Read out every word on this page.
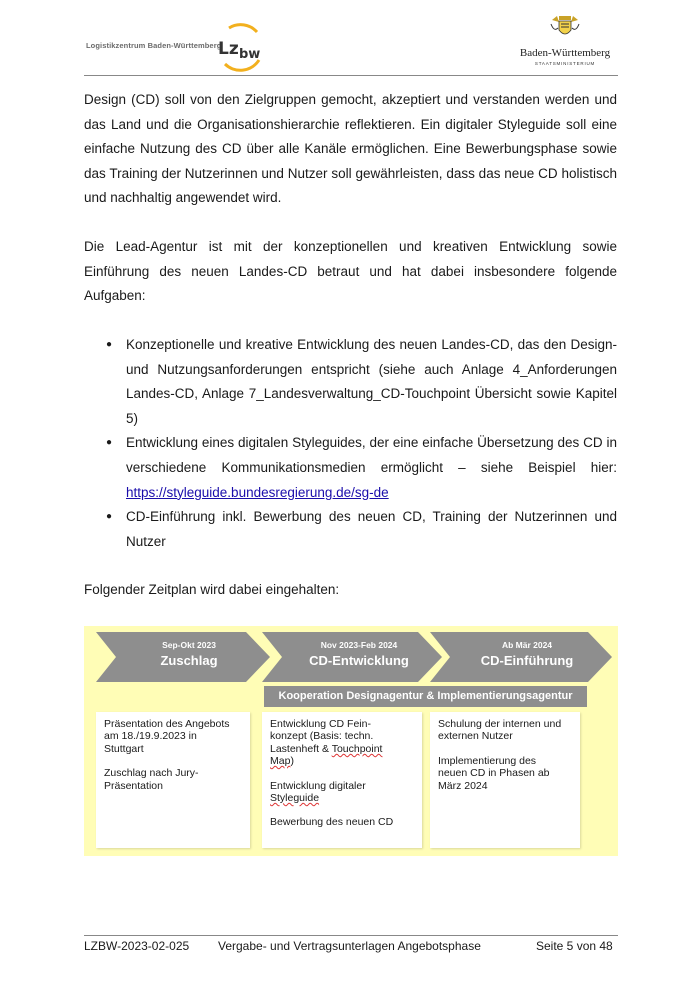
Logistikzentrum Baden-Württemberg
Lz bw	Baden-Württemberg
STAATSMINISTERIUM

Design (CD) soll von den Zielgruppen gemocht, akzeptiert und verstanden werden und das Land und die Organisationshierarchie reflektieren. Ein digitaler Styleguide soll eine einfache Nutzung des CD über alle Kanäle ermöglichen. Eine Bewerbungsphase sowie das Training der Nutzerinnen und Nutzer soll gewährleisten, dass das neue CD holistisch und nachhaltig angewendet wird.

Die Lead-Agentur ist mit der konzeptionellen und kreativen Entwicklung sowie Einführung des neuen Landes-CD betraut und hat dabei insbesondere folgende Aufgaben:

● Konzeptionelle und kreative Entwicklung des neuen Landes-CD, das den Design- und Nutzungsanforderungen entspricht (siehe auch Anlage 4_Anforderungen Landes-CD, Anlage 7_Landesverwaltung_CD-Touchpoint Übersicht sowie Kapitel 5)
● Entwicklung eines digitalen Styleguides, der eine einfache Übersetzung des CD in verschiedene Kommunikationsmedien ermöglicht – siehe Beispiel hier: https://styleguide.bundesregierung.de/sg-de
● CD-Einführung inkl. Bewerbung des neuen CD, Training der Nutzerinnen und Nutzer

Folgender Zeitplan wird dabei eingehalten:

Sep-Okt 2023
Zuschlag
Nov 2023-Feb 2024
CD-Entwicklung
Ab Mär 2024
CD-Einführung
Kooperation Designagentur & Implementierungsagentur
Präsentation des Angebots
am 18./19.9.2023 in
Stuttgart
Zuschlag nach Jury-
Präsentation
Entwicklung CD Fein-
konzept (Basis: techn.
Lastenheft & Touchpoint
Map)
Entwicklung digitaler
Styleguide
Bewerbung des neuen CD
Schulung der internen und
externen Nutzer
Implementierung des
neuen CD in Phasen ab
März 2024
LZBW-2023-02-025 Vergabe- und Vertragsunterlagen Angebotsphase	Seite 5 von 48
